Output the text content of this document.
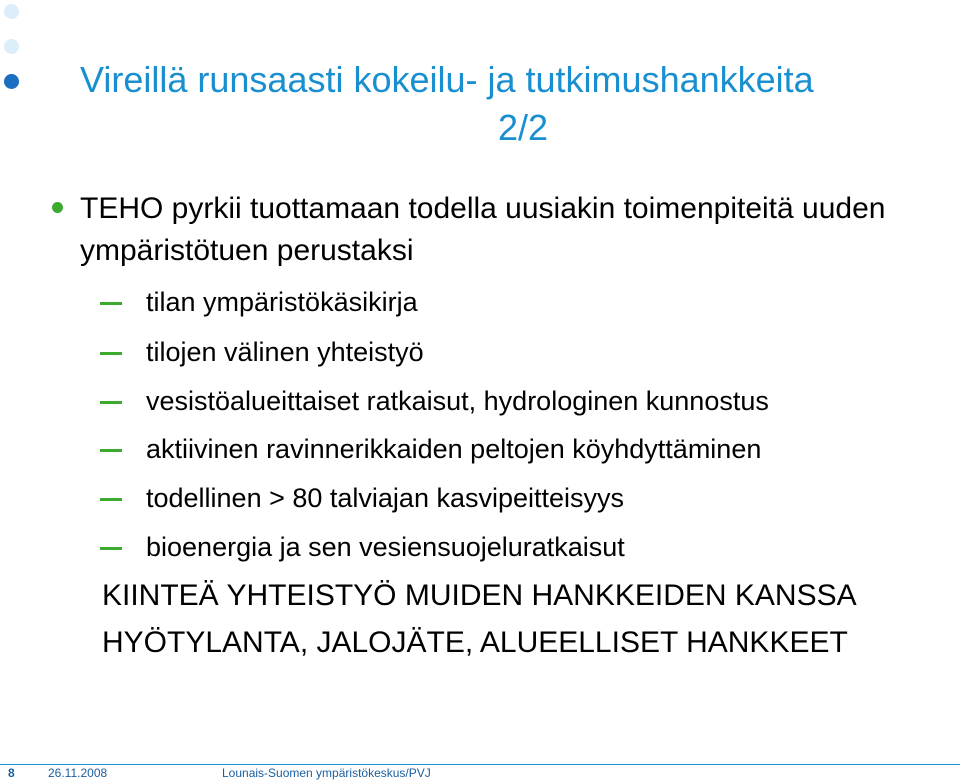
Vireillä runsaasti kokeilu- ja tutkimushankkeita
2/2
TEHO pyrkii tuottamaan todella uusiakin toimenpiteitä uuden ympäristötuen perustaksi
tilan ympäristökäsikirja
tilojen välinen yhteistyö
vesistöalueittaiset ratkaisut, hydrologinen kunnostus
aktiivinen ravinnerikkaiden peltojen köyhdyttäminen
todellinen > 80 talviajan kasvipeitteisyys
bioenergia ja sen vesiensuojeluratkaisut
KIINTEÄ YHTEISTYÖ MUIDEN HANKKEIDEN KANSSA
HYÖTYLANTA, JALOJÄTE, ALUEELLISET HANKKEET
8	26.11.2008	Lounais-Suomen ympäristökeskus/PVJ
